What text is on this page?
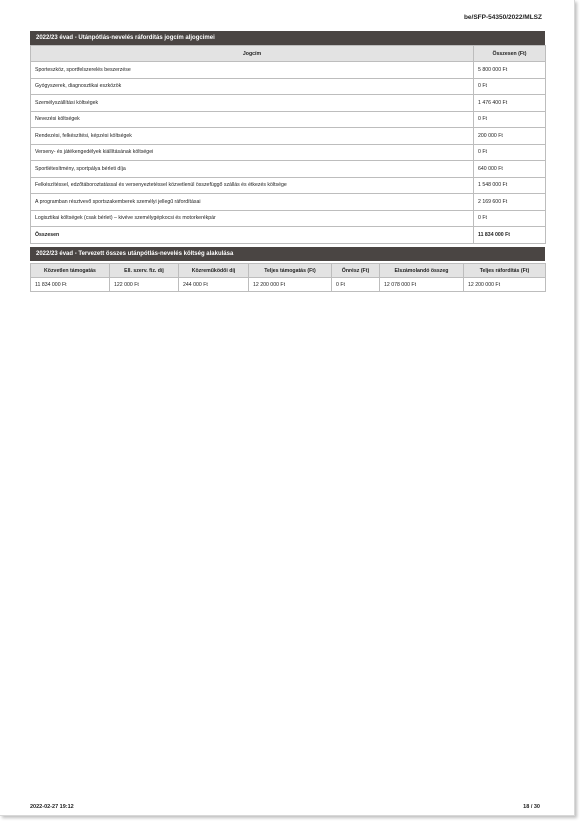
be/SFP-54350/2022/MLSZ
2022/23 évad - Utánpótlás-nevelés ráfordítás jogcím aljogcimei
Jogcím	Összesen (Ft)
Sporteszköz, sportfelszerelés beszerzése	5 800 000 Ft
Gyógyszerek, diagnosztikai eszközök	0 Ft
Személyszállítási költségek	1 476 400 Ft
Nevezési költségek	0 Ft
Rendezési, felkészítési, képzési költségek	200 000 Ft
Verseny- és játékengedélyek kiállításának költségei	0 Ft
Sportlétesítmény, sportpálya bérleti díja	640 000 Ft
Felkészítéssel, edzőtáboroztatással és versenyeztetéssel közvetlenül összefüggő szállás és étkezés költsége	1 548 000 Ft
A programban résztvevő sportszakemberek személyi jellegű ráfordításai	2 169 600 Ft
Logisztikai költségek (csak bérlet) – kivéve személygépkocsi és motorkerékpár	0 Ft
Összesen	11 834 000 Ft
2022/23 évad - Tervezett összes utánpótlás-nevelés költség alakulása
Közvetlen támogatás	Ell. szerv. fiz. díj	Közreműködői díj	Teljes támogatás (Ft)	Önrész (Ft)	Elszámolandó összeg	Teljes ráfordítás (Ft)
11 834 000 Ft	122 000 Ft	244 000 Ft	12 200 000 Ft	0 Ft	12 078 000 Ft	12 200 000 Ft
2022-02-27 19:12	18 / 30
